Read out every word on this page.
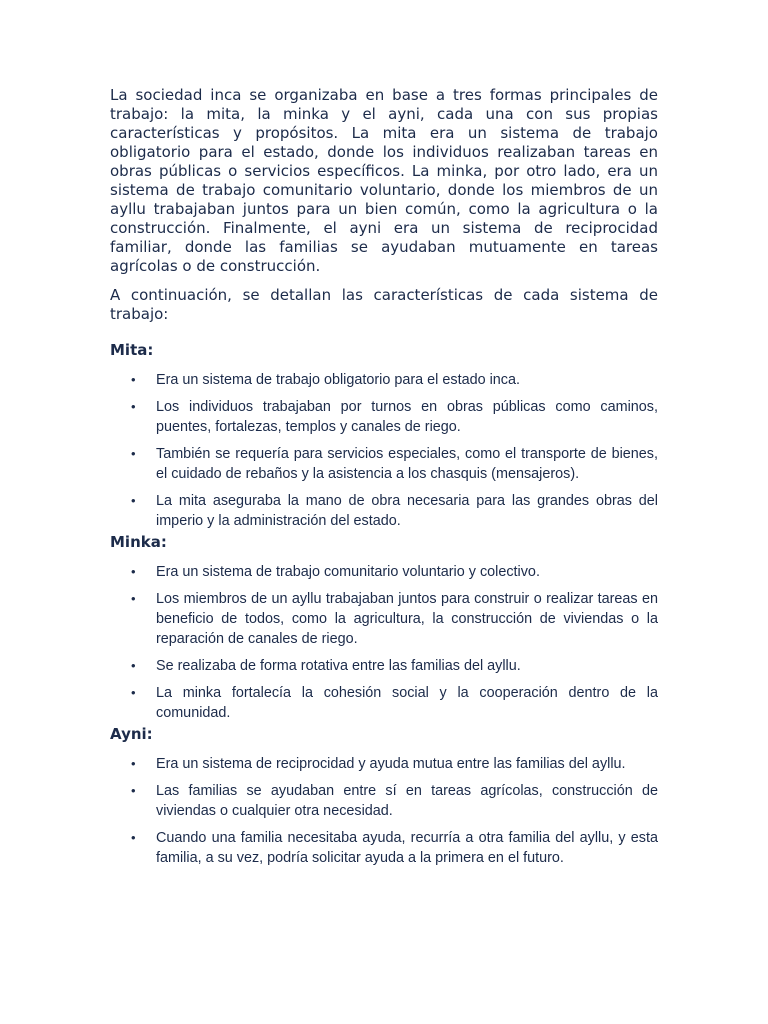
La sociedad inca se organizaba en base a tres formas principales de trabajo: la mita, la minka y el ayni, cada una con sus propias características y propósitos. La mita era un sistema de trabajo obligatorio para el estado, donde los individuos realizaban tareas en obras públicas o servicios específicos. La minka, por otro lado, era un sistema de trabajo comunitario voluntario, donde los miembros de un ayllu trabajaban juntos para un bien común, como la agricultura o la construcción. Finalmente, el ayni era un sistema de reciprocidad familiar, donde las familias se ayudaban mutuamente en tareas agrícolas o de construcción.

A continuación, se detallan las características de cada sistema de trabajo:

Mita:
• Era un sistema de trabajo obligatorio para el estado inca.
• Los individuos trabajaban por turnos en obras públicas como caminos, puentes, fortalezas, templos y canales de riego.
• También se requería para servicios especiales, como el transporte de bienes, el cuidado de rebaños y la asistencia a los chasquis (mensajeros).
• La mita aseguraba la mano de obra necesaria para las grandes obras del imperio y la administración del estado.
Minka:
• Era un sistema de trabajo comunitario voluntario y colectivo.
• Los miembros de un ayllu trabajaban juntos para construir o realizar tareas en beneficio de todos, como la agricultura, la construcción de viviendas o la reparación de canales de riego.
• Se realizaba de forma rotativa entre las familias del ayllu.
• La minka fortalecía la cohesión social y la cooperación dentro de la comunidad.
Ayni:
• Era un sistema de reciprocidad y ayuda mutua entre las familias del ayllu.
• Las familias se ayudaban entre sí en tareas agrícolas, construcción de viviendas o cualquier otra necesidad.
• Cuando una familia necesitaba ayuda, recurría a otra familia del ayllu, y esta familia, a su vez, podría solicitar ayuda a la primera en el futuro.
